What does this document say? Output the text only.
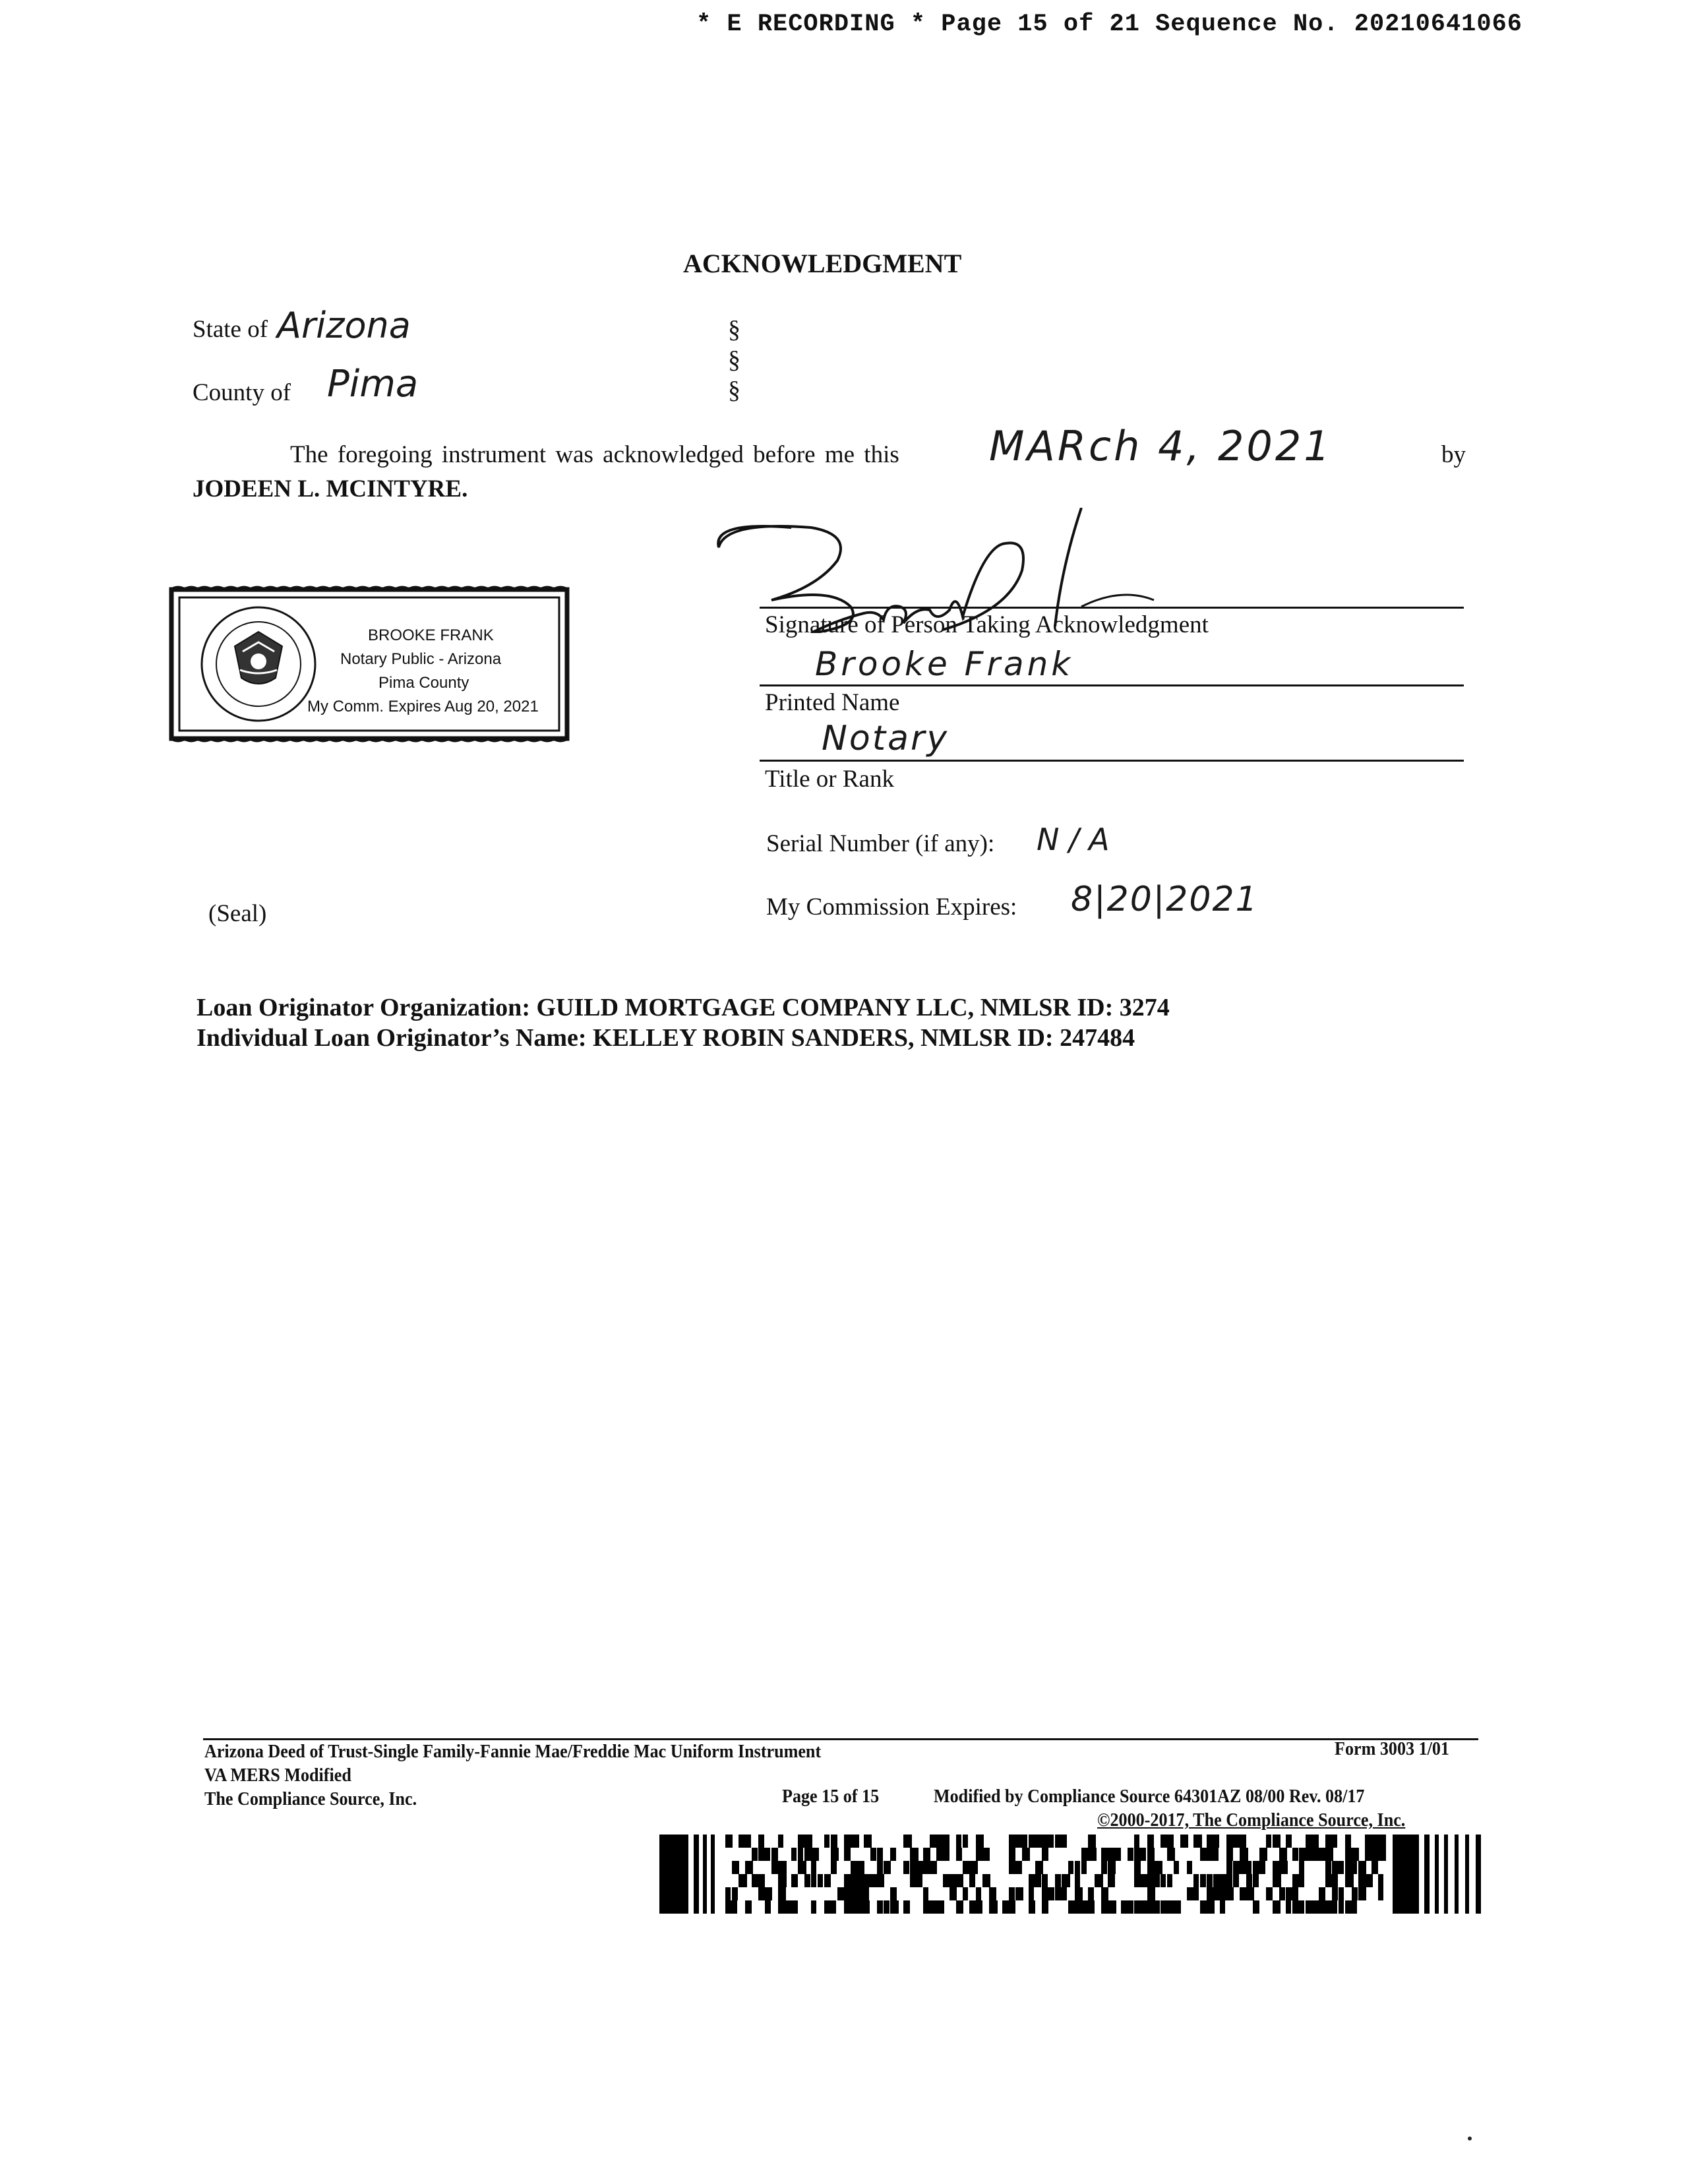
* E RECORDING * Page 15 of 21 Sequence No. 20210641066
ACKNOWLEDGMENT
State of Arizona
County of Pima
§
§
§
The foregoing instrument was acknowledged before me this MARch 4, 2021	by
JODEEN L. MCINTYRE.
BROOKE FRANK
Notary Public - Arizona
Pima County
My Comm. Expires Aug 20, 2021
Signature of Person Taking Acknowledgment
Brooke Frank
Printed Name
Notary
Title or Rank
Serial Number (if any): N / A
My Commission Expires: 8|20|2021
(Seal)
Loan Originator Organization: GUILD MORTGAGE COMPANY LLC, NMLSR ID: 3274
Individual Loan Originator’s Name: KELLEY ROBIN SANDERS, NMLSR ID: 247484
Arizona Deed of Trust-Single Family-Fannie Mae/Freddie Mac Uniform Instrument	Form 3003 1/01
VA MERS Modified
The Compliance Source, Inc.	Page 15 of 15	Modified by Compliance Source 64301AZ 08/00 Rev. 08/17
©2000-2017, The Compliance Source, Inc.
